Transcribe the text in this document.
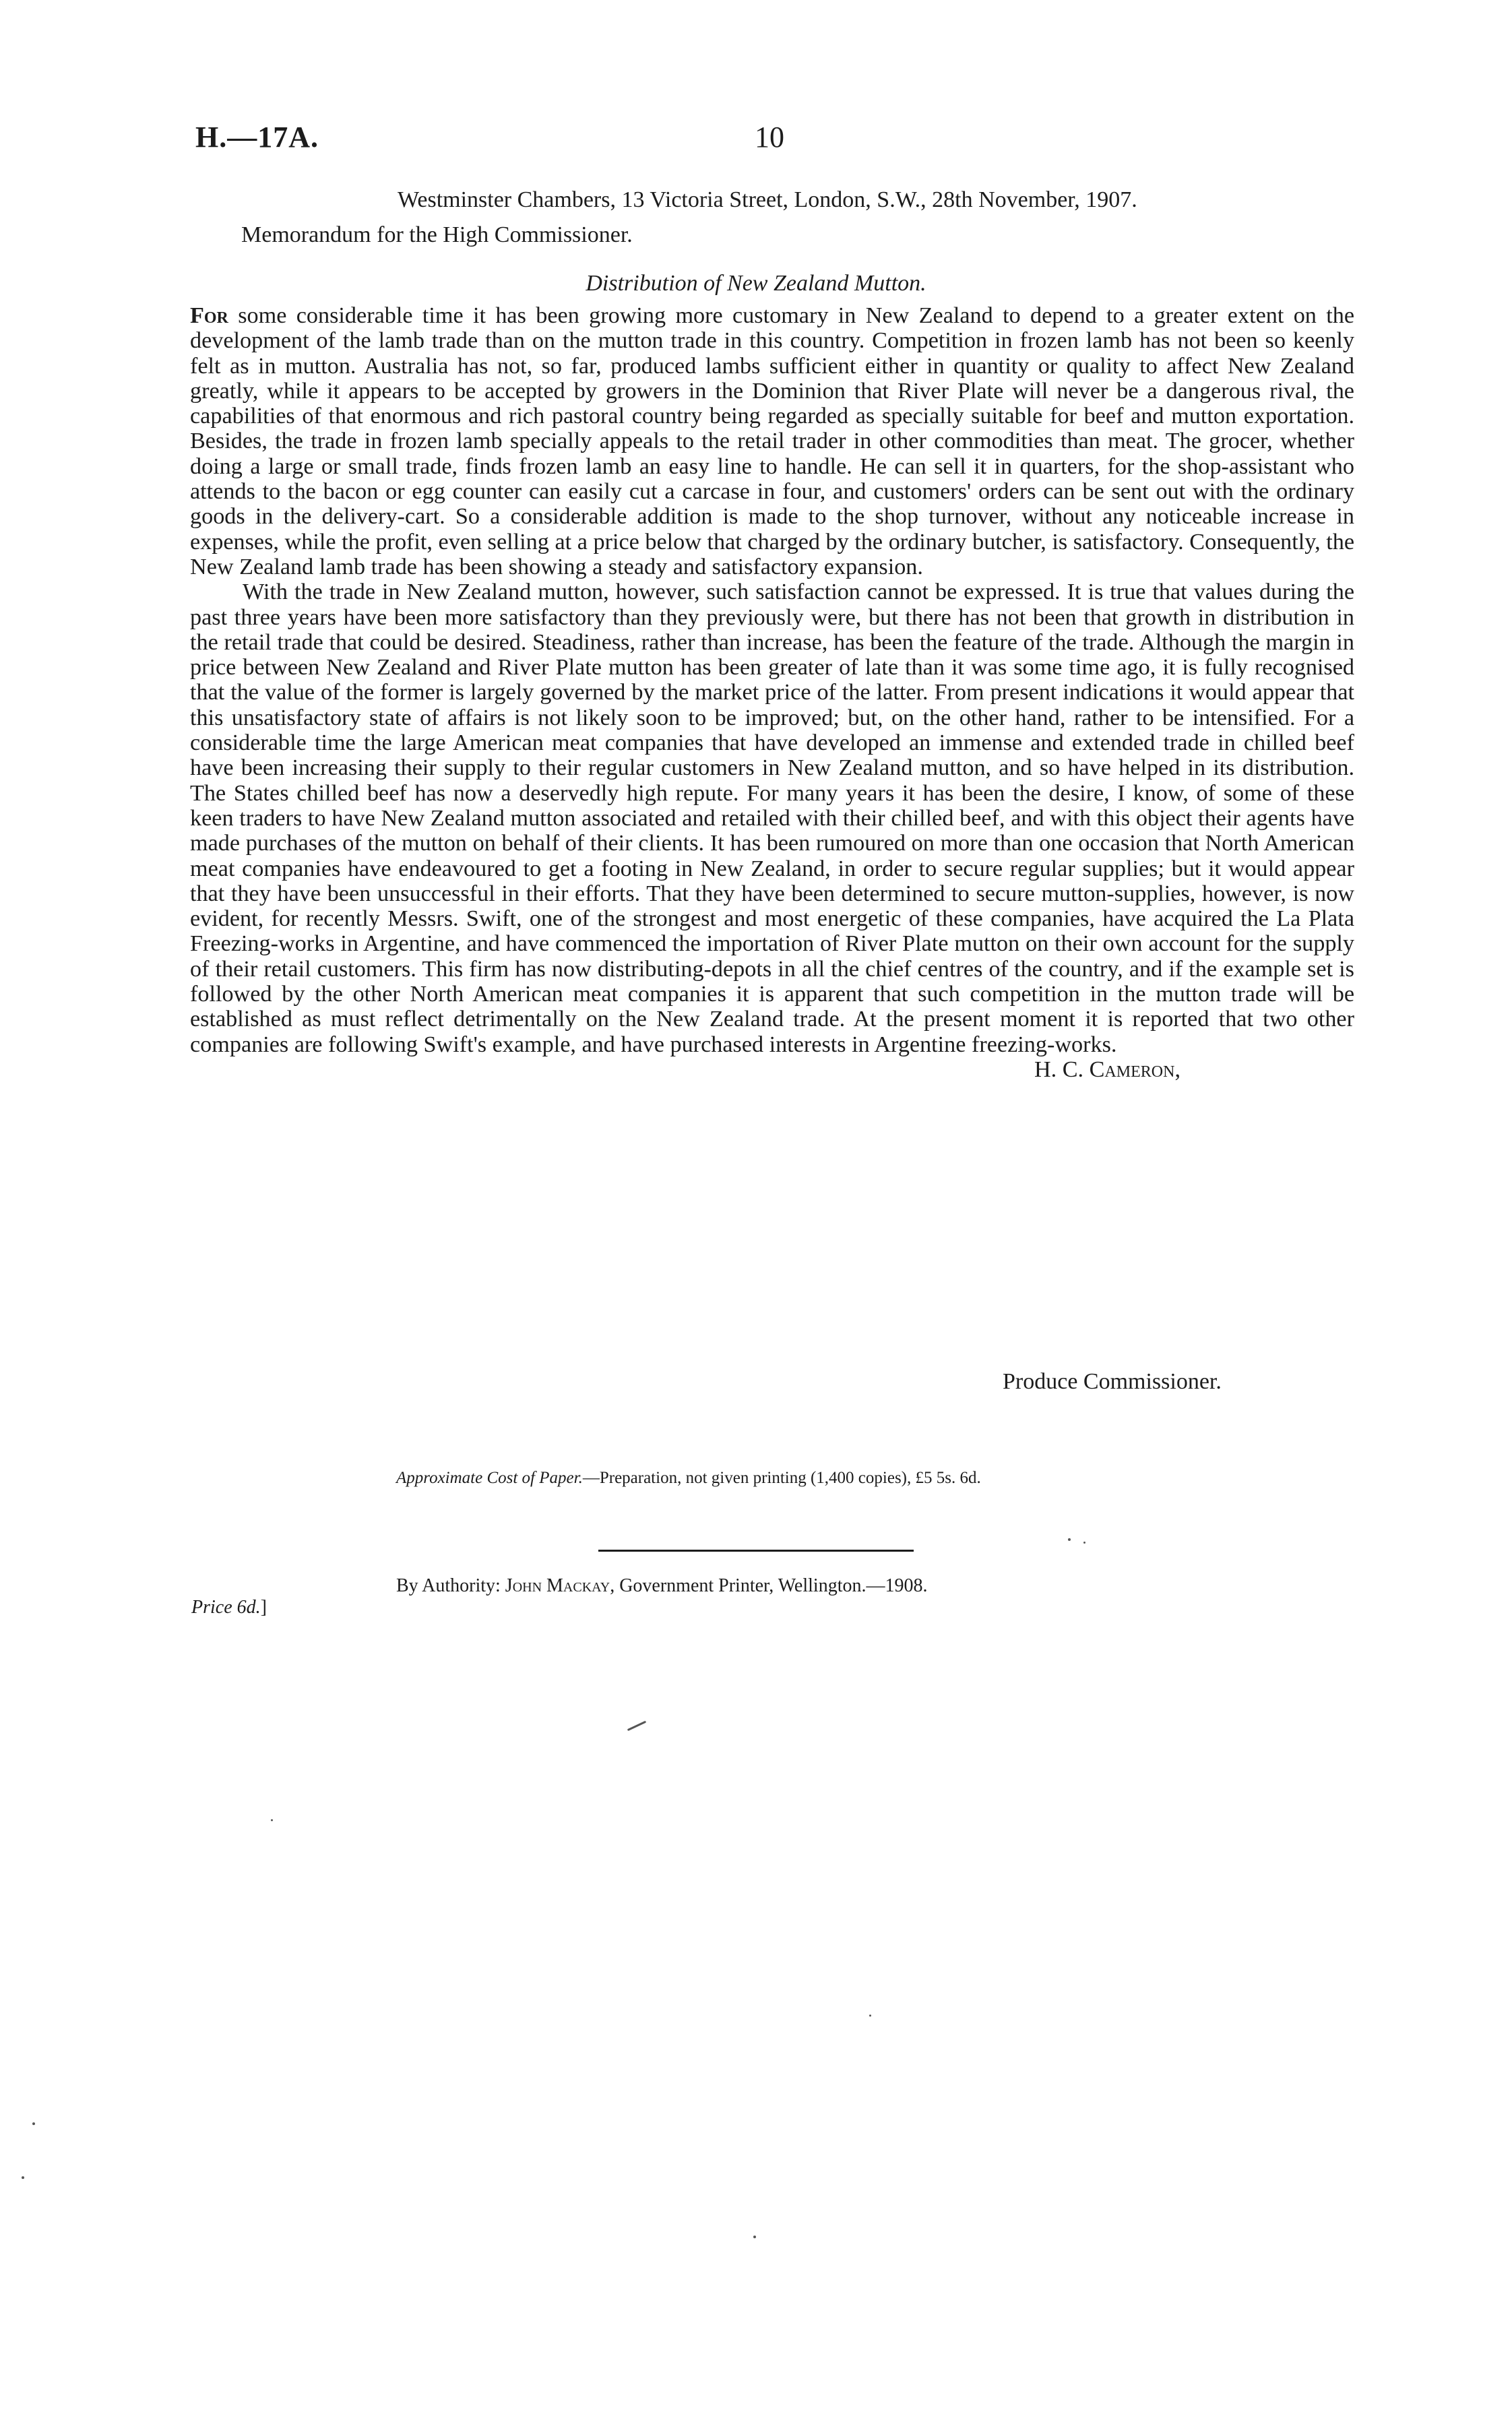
H.—17A.	10
Westminster Chambers, 13 Victoria Street, London, S.W., 28th November, 1907.
Memorandum for the High Commissioner.
Distribution of New Zealand Mutton.

For some considerable time it has been growing more customary in New Zealand to depend to a greater extent on the development of the lamb trade than on the mutton trade in this country. Competition in frozen lamb has not been so keenly felt as in mutton. Australia has not, so far, produced lambs sufficient either in quantity or quality to affect New Zealand greatly, while it appears to be accepted by growers in the Dominion that River Plate will never be a dangerous rival, the capabilities of that enormous and rich pastoral country being regarded as specially suitable for beef and mutton exportation. Besides, the trade in frozen lamb specially appeals to the retail trader in other commodities than meat. The grocer, whether doing a large or small trade, finds frozen lamb an easy line to handle. He can sell it in quarters, for the shop-assistant who attends to the bacon or egg counter can easily cut a carcase in four, and customers' orders can be sent out with the ordinary goods in the delivery-cart. So a considerable addition is made to the shop turnover, without any noticeable increase in expenses, while the profit, even selling at a price below that charged by the ordinary butcher, is satisfactory. Consequently, the New Zealand lamb trade has been showing a steady and satisfactory expansion.

With the trade in New Zealand mutton, however, such satisfaction cannot be expressed. It is true that values during the past three years have been more satisfactory than they previously were, but there has not been that growth in distribution in the retail trade that could be desired. Steadiness, rather than increase, has been the feature of the trade. Although the margin in price between New Zealand and River Plate mutton has been greater of late than it was some time ago, it is fully recognised that the value of the former is largely governed by the market price of the latter. From present indications it would appear that this unsatisfactory state of affairs is not likely soon to be improved; but, on the other hand, rather to be intensified. For a considerable time the large American meat companies that have developed an immense and extended trade in chilled beef have been increasing their supply to their regular customers in New Zealand mutton, and so have helped in its distribution. The States chilled beef has now a deservedly high repute. For many years it has been the desire, I know, of some of these keen traders to have New Zealand mutton associated and retailed with their chilled beef, and with this object their agents have made purchases of the mutton on behalf of their clients. It has been rumoured on more than one occasion that North American meat companies have endeavoured to get a footing in New Zealand, in order to secure regular supplies; but it would appear that they have been unsuccessful in their efforts. That they have been determined to secure mutton-supplies, however, is now evident, for recently Messrs. Swift, one of the strongest and most energetic of these companies, have acquired the La Plata Freezing-works in Argentine, and have commenced the importation of River Plate mutton on their own account for the supply of their retail customers. This firm has now distributing-depots in all the chief centres of the country, and if the example set is followed by the other North American meat companies it is apparent that such competition in the mutton trade will be established as must reflect detrimentally on the New Zealand trade. At the present moment it is reported that two other companies are following Swift's example, and have purchased interests in Argentine freezing-works.

H. C. Cameron,

Produce Commissioner.
Approximate Cost of Paper.—Preparation, not given printing (1,400 copies), £5 5s. 6d.
By Authority: John Mackay, Government Printer, Wellington.—1908.
Price 6d.]
